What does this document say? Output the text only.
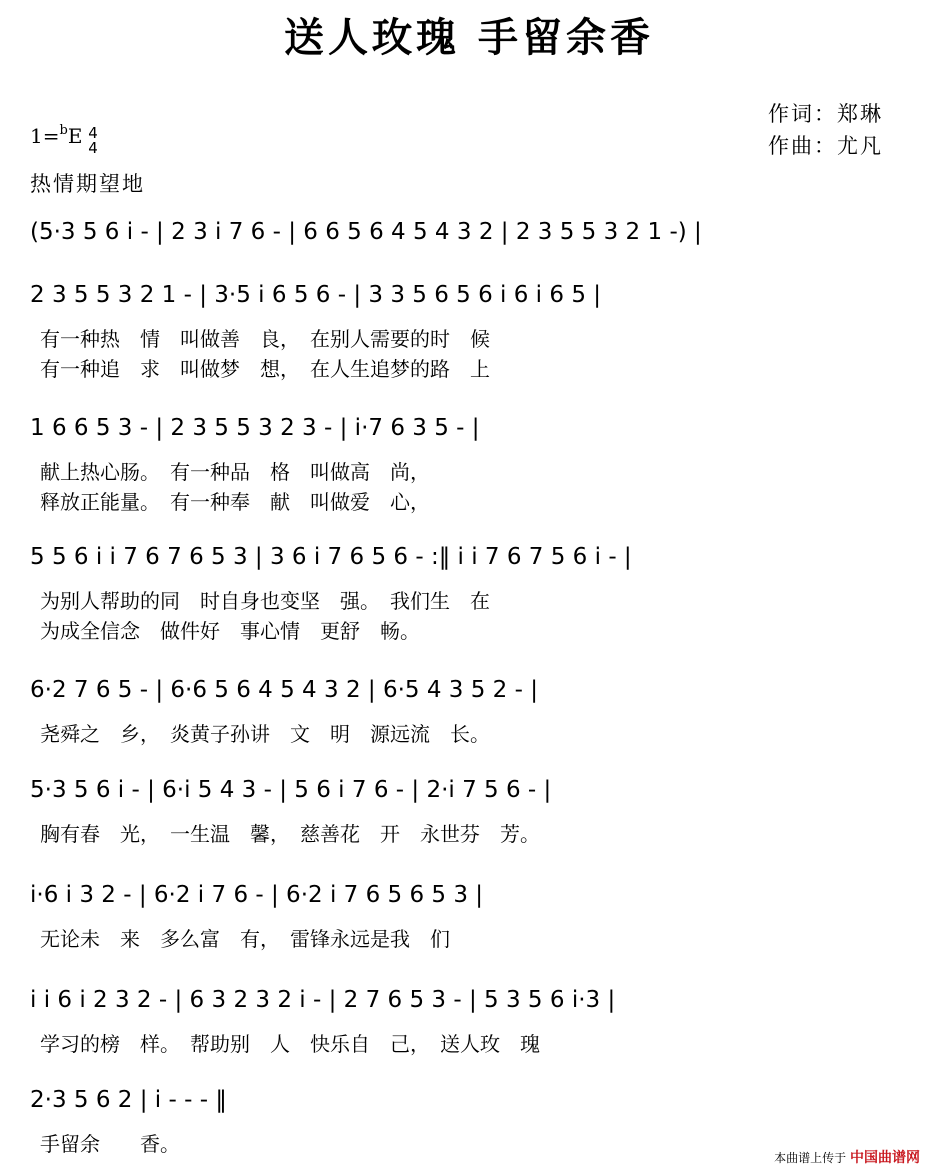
送人玫瑰 手留余香
作词：郑琳
作曲：尤凡
1=$^b$E 4
4
热情期望地
(5·3 5 6 i - | 2 3 i 7 6 - | 6 6 5 6 4 5 4 3 2 | 2 3 5 5 3 2 1 -) |
2 3 5 5 3 2 1 - | 3·5 i 6 5 6 - | 3 3 5 6 5 6 i 6 i 6 5 |
有一种热　情　叫做善　良，　在别人需要的时　候
有一种追　求　叫做梦　想，　在人生追梦的路　上
1 6 6 5 3 - | 2 3 5 5 3 2 3 - | i·7 6 3 5 - |
献上热心肠。　有一种品　格　叫做高　尚，
释放正能量。　有一种奉　献　叫做爱　心，
5 5 6 i i 7 6 7 6 5 3 | 3 6 i 7 6 5 6 - :‖ i i 7 6 7 5 6 i - |
为别人帮助的同　时自身也变坚　强。　我们生　在
为成全信念　做件好　事心情　更舒　畅。
6·2 7 6 5 - | 6·6 5 6 4 5 4 3 2 | 6·5 4 3 5 2 - |
尧舜之　乡，　炎黄子孙讲　文　明　源远流　长。
5·3 5 6 i - | 6·i 5 4 3 - | 5 6 i 7 6 - | 2·i 7 5 6 - |
胸有春　光，　一生温　馨，　慈善花　开　永世芬　芳。
i·6 i 3 2 - | 6·2 i 7 6 - | 6·2 i 7 6 5 6 5 3 |
无论未　来　多么富　有，　雷锋永远是我　们
i i 6 i 2 3 2 - | 6 3 2 3 2 i - | 2 7 6 5 3 - | 5 3 5 6 i·3 |
学习的榜　样。　帮助别　人　快乐自　己，　送人玫　瑰
2·3 5 6 2 | i - - - ‖
手留余　　香。
本曲谱上传于 中国曲谱网
